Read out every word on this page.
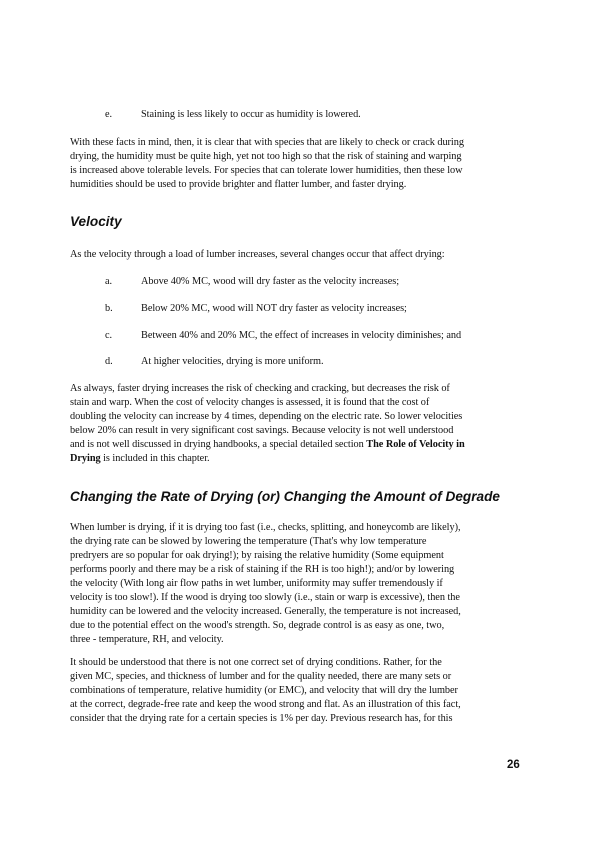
e.	Staining is less likely to occur as humidity is lowered.

With these facts in mind, then, it is clear that with species that are likely to check or crack during
drying, the humidity must be quite high, yet not too high so that the risk of staining and warping
is increased above tolerable levels. For species that can tolerate lower humidities, then these low
humidities should be used to provide brighter and flatter lumber, and faster drying.

Velocity

As the velocity through a load of lumber increases, several changes occur that affect drying:

a.	Above 40% MC, wood will dry faster as the velocity increases;
b.	Below 20% MC, wood will NOT dry faster as velocity increases;
c.	Between 40% and 20% MC, the effect of increases in velocity diminishes; and
d.	At higher velocities, drying is more uniform.

As always, faster drying increases the risk of checking and cracking, but decreases the risk of
stain and warp. When the cost of velocity changes is assessed, it is found that the cost of
doubling the velocity can increase by 4 times, depending on the electric rate. So lower velocities
below 20% can result in very significant cost savings. Because velocity is not well understood
and is not well discussed in drying handbooks, a special detailed section The Role of Velocity in
Drying is included in this chapter.

Changing the Rate of Drying (or) Changing the Amount of Degrade

When lumber is drying, if it is drying too fast (i.e., checks, splitting, and honeycomb are likely),
the drying rate can be slowed by lowering the temperature (That's why low temperature
predryers are so popular for oak drying!); by raising the relative humidity (Some equipment
performs poorly and there may be a risk of staining if the RH is too high!); and/or by lowering
the velocity (With long air flow paths in wet lumber, uniformity may suffer tremendously if
velocity is too slow!). If the wood is drying too slowly (i.e., stain or warp is excessive), then the
humidity can be lowered and the velocity increased. Generally, the temperature is not increased,
due to the potential effect on the wood's strength. So, degrade control is as easy as one, two,
three - temperature, RH, and velocity.

It should be understood that there is not one correct set of drying conditions. Rather, for the
given MC, species, and thickness of lumber and for the quality needed, there are many sets or
combinations of temperature, relative humidity (or EMC), and velocity that will dry the lumber
at the correct, degrade-free rate and keep the wood strong and flat. As an illustration of this fact,
consider that the drying rate for a certain species is 1% per day. Previous research has, for this

26
